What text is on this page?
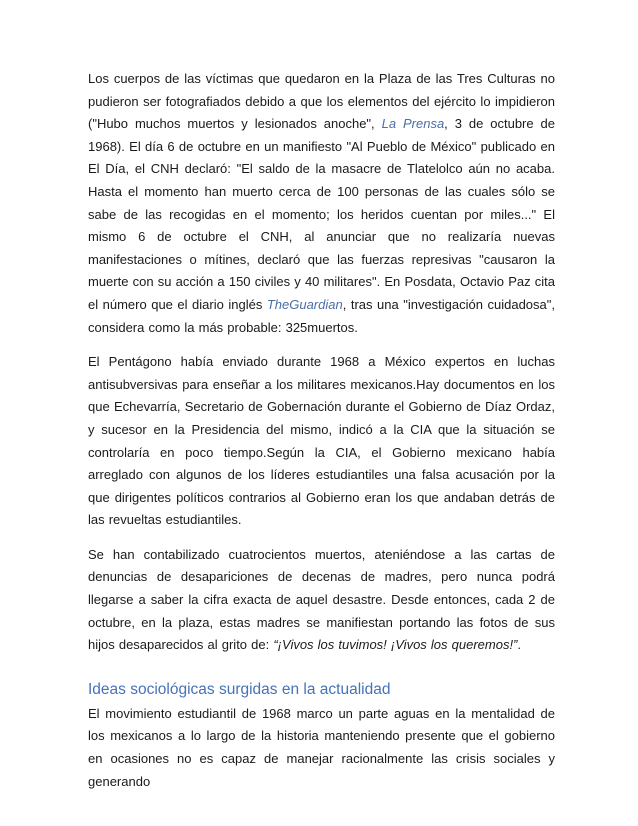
Los cuerpos de las víctimas que quedaron en la Plaza de las Tres Culturas no pudieron ser fotografiados debido a que los elementos del ejército lo impidieron ("Hubo muchos muertos y lesionados anoche", La Prensa, 3 de octubre de 1968). El día 6 de octubre en un manifiesto "Al Pueblo de México" publicado en El Día, el CNH declaró: "El saldo de la masacre de Tlatelolco aún no acaba. Hasta el momento han muerto cerca de 100 personas de las cuales sólo se sabe de las recogidas en el momento; los heridos cuentan por miles..." El mismo 6 de octubre el CNH, al anunciar que no realizaría nuevas manifestaciones o mítines, declaró que las fuerzas represivas "causaron la muerte con su acción a 150 civiles y 40 militares". En Posdata, Octavio Paz cita el número que el diario inglés TheGuardian, tras una "investigación cuidadosa", considera como la más probable: 325muertos.

El Pentágono había enviado durante 1968 a México expertos en luchas antisubversivas para enseñar a los militares mexicanos.Hay documentos en los que Echevarría, Secretario de Gobernación durante el Gobierno de Díaz Ordaz, y sucesor en la Presidencia del mismo, indicó a la CIA que la situación se controlaría en poco tiempo.Según la CIA, el Gobierno mexicano había arreglado con algunos de los líderes estudiantiles una falsa acusación por la que dirigentes políticos contrarios al Gobierno eran los que andaban detrás de las revueltas estudiantiles.

Se han contabilizado cuatrocientos muertos, ateniéndose a las cartas de denuncias de desapariciones de decenas de madres, pero nunca podrá llegarse a saber la cifra exacta de aquel desastre. Desde entonces, cada 2 de octubre, en la plaza, estas madres se manifiestan portando las fotos de sus hijos desaparecidos al grito de: “¡Vivos los tuvimos! ¡Vivos los queremos!”.

Ideas sociológicas surgidas en la actualidad

El movimiento estudiantil de 1968 marco un parte aguas en la mentalidad de los mexicanos a lo largo de la historia manteniendo presente que el gobierno en ocasiones no es capaz de manejar racionalmente las crisis sociales y generando
